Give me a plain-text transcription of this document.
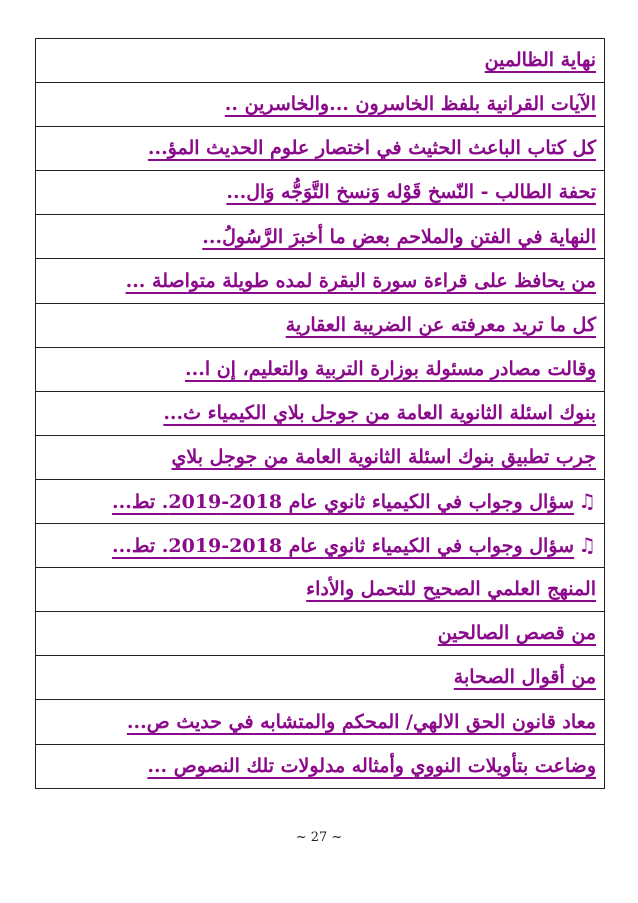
نهاية الظالمين
الآيات القرانية بلفظ الخاسرون ...والخاسرين ..
كل كتاب الباعث الحثيث في اختصار علوم الحديث المؤ...
تحفة الطالب - النّسخ قَوْله وَنسخ التَّوَجُّه وَال...
النهاية في الفتن والملاحم بعض ما أخبرَ الرَّسُولُ...
من يحافظ على قراءة سورة البقرة لمده طويلة متواصلة ...
كل ما تريد معرفته عن الضريبة العقارية
وقالت مصادر مسئولة بوزارة التربية والتعليم، إن ا...
بنوك اسئلة الثانوية العامة من جوجل بلاي الكيمياء ث...
جرب تطبيق بنوك اسئلة الثانوية العامة من جوجل بلاي
♫سؤال وجواب في الكيمياء ثانوي عام 2018-2019. تط...
♫سؤال وجواب في الكيمياء ثانوي عام 2018-2019. تط...
المنهج العلمي الصحيح للتحمل والأداء
من قصص الصالحين
من أقوال الصحابة
معاد قانون الحق الالهي/ المحكم والمتشابه في حديث ص...
وضاعت بتأويلات النووي وأمثاله مدلولات تلك النصوص ...
~ 27 ~
